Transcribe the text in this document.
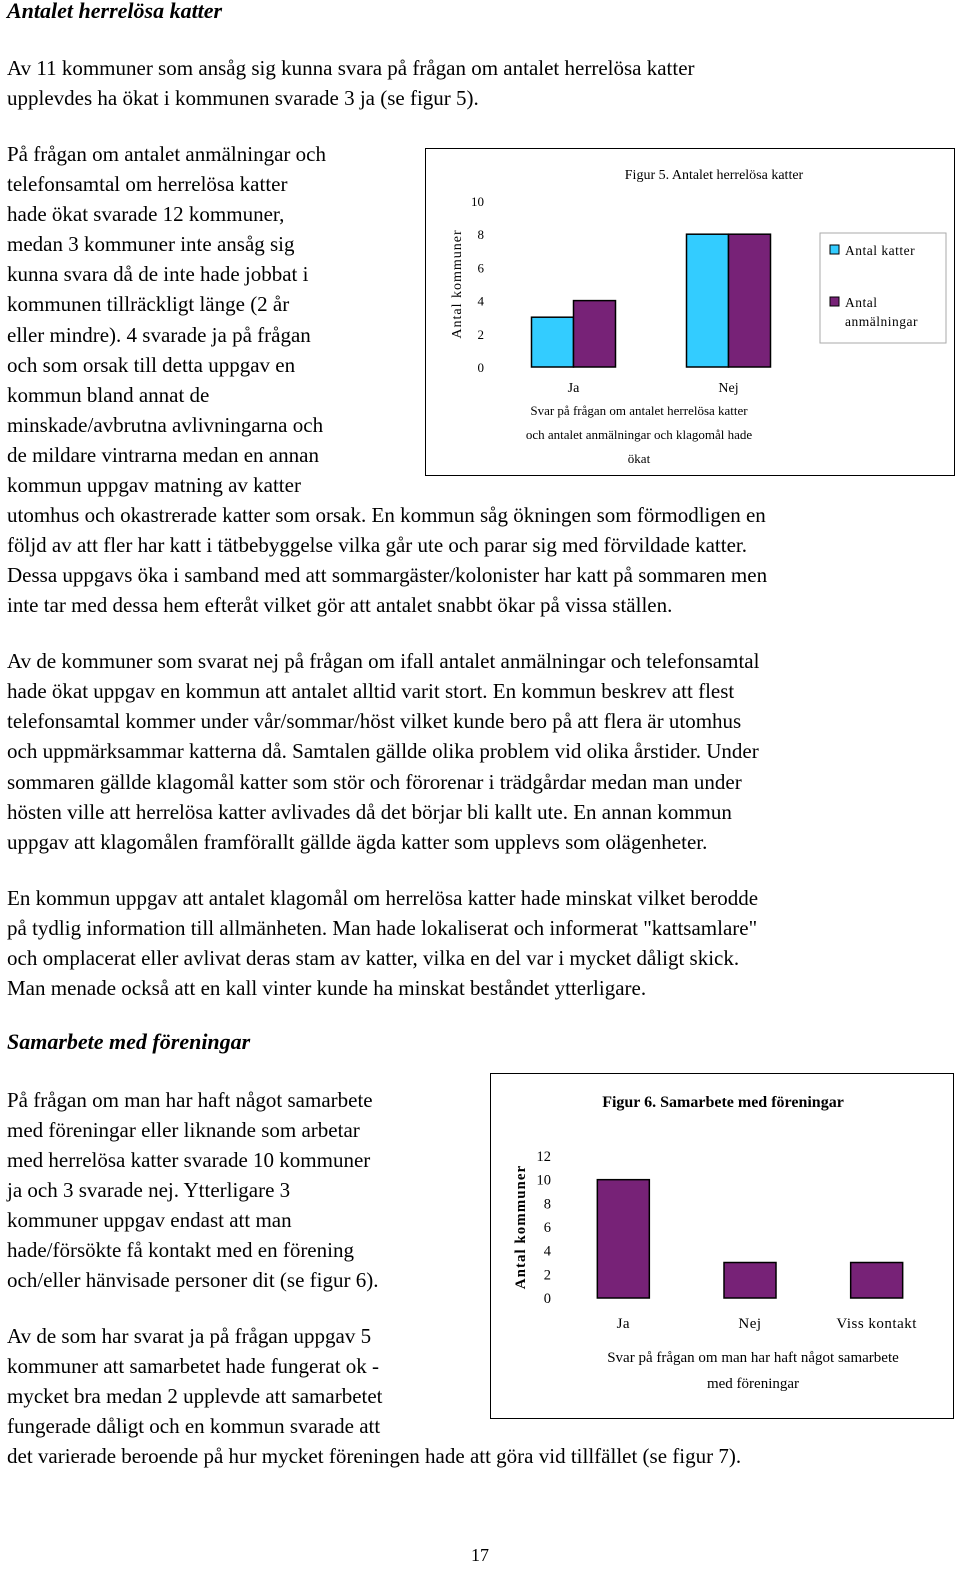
Antalet herrelösa katter
Av 11 kommuner som ansåg sig kunna svara på frågan om antalet herrelösa katter
upplevdes ha ökat i kommunen svarade 3 ja (se figur 5).
På frågan om antalet anmälningar och
telefonsamtal om herrelösa katter
hade ökat svarade 12 kommuner,
medan 3 kommuner inte ansåg sig
kunna svara då de inte hade jobbat i
kommunen tillräckligt länge (2 år
eller mindre). 4 svarade ja på frågan
och som orsak till detta uppgav en
kommun bland annat de
minskade/avbrutna avlivningarna och
de mildare vintrarna medan en annan
kommun uppgav matning av katter
utomhus och okastrerade katter som orsak. En kommun såg ökningen som förmodligen en
följd av att fler har katt i tätbebyggelse vilka går ute och parar sig med förvildade katter.
Dessa uppgavs öka i samband med att sommargäster/kolonister har katt på sommaren men
inte tar med dessa hem efteråt vilket gör att antalet snabbt ökar på vissa ställen.
Av de kommuner som svarat nej på frågan om ifall antalet anmälningar och telefonsamtal
hade ökat uppgav en kommun att antalet alltid varit stort. En kommun beskrev att flest
telefonsamtal kommer under vår/sommar/höst vilket kunde bero på att flera är utomhus
och uppmärksammar katterna då. Samtalen gällde olika problem vid olika årstider. Under
sommaren gällde klagomål katter som stör och förorenar i trädgårdar medan man under
hösten ville att herrelösa katter avlivades då det börjar bli kallt ute. En annan kommun
uppgav att klagomålen framförallt gällde ägda katter som upplevs som olägenheter.
En kommun uppgav att antalet klagomål om herrelösa katter hade minskat vilket berodde
på tydlig information till allmänheten. Man hade lokaliserat och informerat "kattsamlare"
och omplacerat eller avlivat deras stam av katter, vilka en del var i mycket dåligt skick.
Man menade också att en kall vinter kunde ha minskat beståndet ytterligare.
Samarbete med föreningar
På frågan om man har haft något samarbete
med föreningar eller liknande som arbetar
med herrelösa katter svarade 10 kommuner
ja och 3 svarade nej. Ytterligare 3
kommuner uppgav endast att man
hade/försökte få kontakt med en förening
och/eller hänvisade personer dit (se figur 6).
Av de som har svarat ja på frågan uppgav 5
kommuner att samarbetet hade fungerat ok -
mycket bra medan 2 upplevde att samarbetet
fungerade dåligt och en kommun svarade att
det varierade beroende på hur mycket föreningen hade att göra vid tillfället (se figur 7).
17
Figur 5. Antalet herrelösa katter
0
2
4
6
8
10
Antal kommuner
Ja	Nej
Svar på frågan om antalet herrelösa katter
och antalet anmälningar och klagomål hade
ökat
Antal katter
Antal
anmälningar
Figur 6. Samarbete med föreningar
0
2
4
6
8
10
12
Antal kommuner
Ja	Nej	Viss kontakt
Svar på frågan om man har haft något samarbete
med föreningar
